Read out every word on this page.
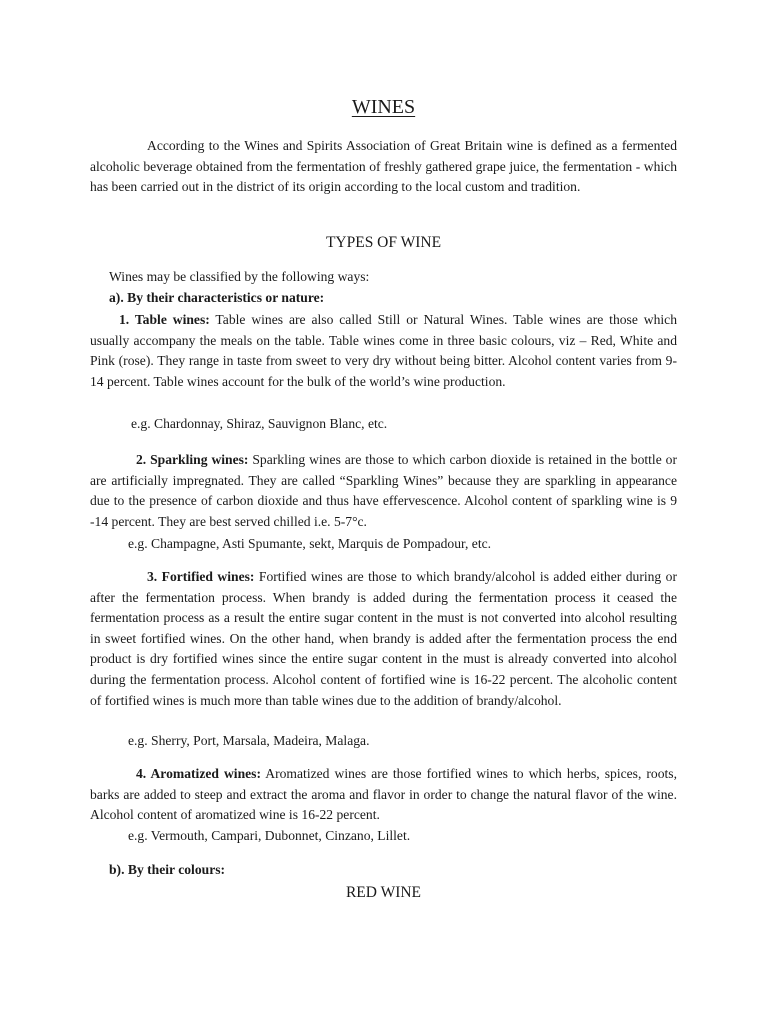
WINES
According to the Wines and Spirits Association of Great Britain wine is defined as a fermented alcoholic beverage obtained from the fermentation of freshly gathered grape juice, the fermentation - which has been carried out in the district of its origin according to the local custom and tradition.
TYPES OF WINE
Wines may be classified by the following ways:
a). By their characteristics or nature:
1. Table wines: Table wines are also called Still or Natural Wines. Table wines are those which usually accompany the meals on the table. Table wines come in three basic colours, viz – Red, White and Pink (rose). They range in taste from sweet to very dry without being bitter. Alcohol content varies from 9-14 percent. Table wines account for the bulk of the world’s wine production.
e.g. Chardonnay, Shiraz, Sauvignon Blanc, etc.
2. Sparkling wines: Sparkling wines are those to which carbon dioxide is retained in the bottle or are artificially impregnated. They are called “Sparkling Wines” because they are sparkling in appearance due to the presence of carbon dioxide and thus have effervescence. Alcohol content of sparkling wine is 9 -14 percent. They are best served chilled i.e. 5-7°c.
e.g. Champagne, Asti Spumante, sekt, Marquis de Pompadour, etc.
3. Fortified wines: Fortified wines are those to which brandy/alcohol is added either during or after the fermentation process. When brandy is added during the fermentation process it ceased the fermentation process as a result the entire sugar content in the must is not converted into alcohol resulting in sweet fortified wines. On the other hand, when brandy is added after the fermentation process the end product is dry fortified wines since the entire sugar content in the must is already converted into alcohol during the fermentation process. Alcohol content of fortified wine is 16-22 percent. The alcoholic content of fortified wines is much more than table wines due to the addition of brandy/alcohol.
e.g. Sherry, Port, Marsala, Madeira, Malaga.
4. Aromatized wines: Aromatized wines are those fortified wines to which herbs, spices, roots, barks are added to steep and extract the aroma and flavor in order to change the natural flavor of the wine. Alcohol content of aromatized wine is 16-22 percent.
e.g. Vermouth, Campari, Dubonnet, Cinzano, Lillet.
b). By their colours:
RED WINE
